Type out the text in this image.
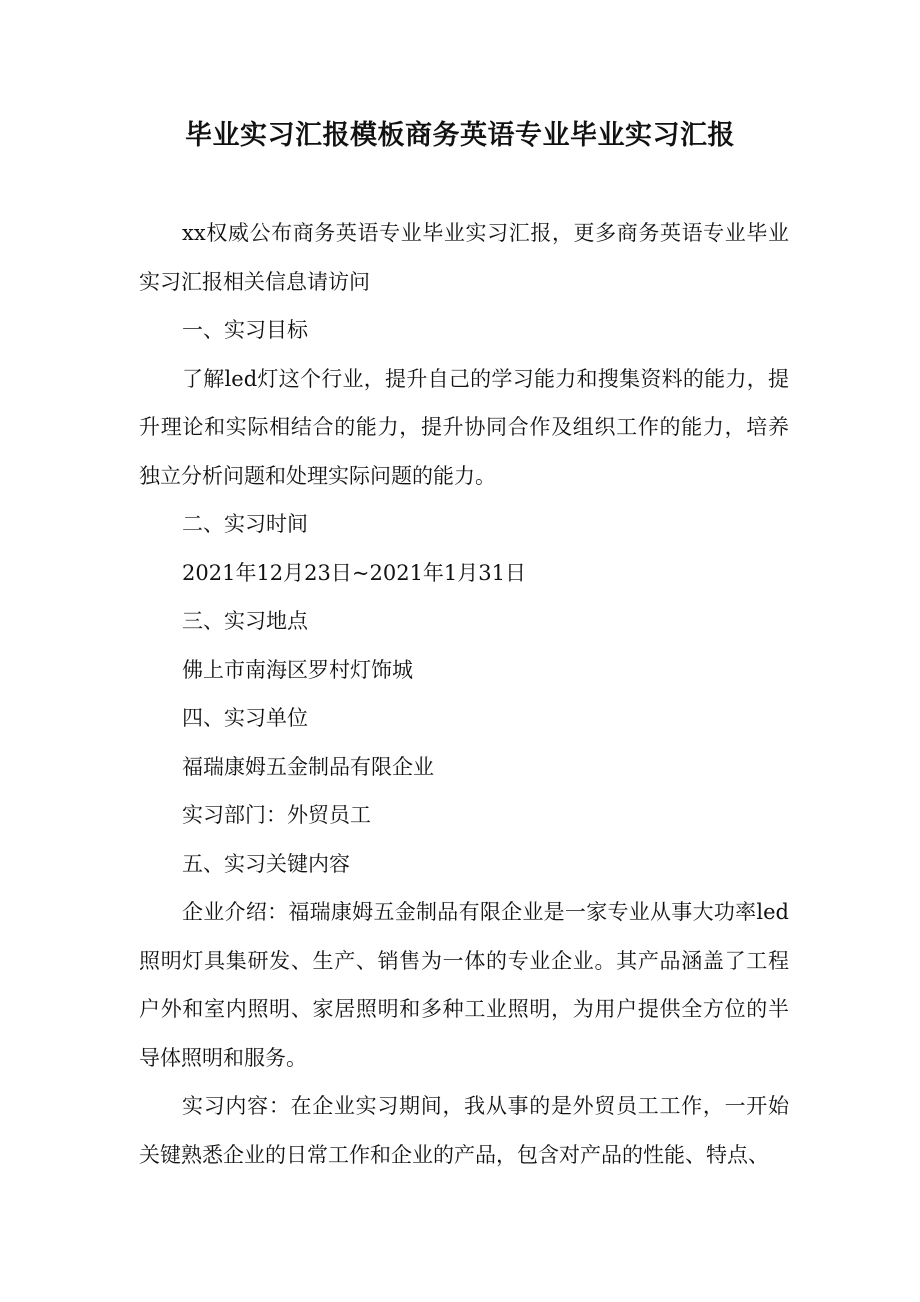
毕业实习汇报模板商务英语专业毕业实习汇报

xx权威公布商务英语专业毕业实习汇报，更多商务英语专业毕业实习汇报相关信息请访问

一、实习目标

了解led灯这个行业，提升自己的学习能力和搜集资料的能力，提升理论和实际相结合的能力，提升协同合作及组织工作的能力，培养独立分析问题和处理实际问题的能力。

二、实习时间

2021年12月23日~2021年1月31日

三、实习地点

佛上市南海区罗村灯饰城

四、实习单位

福瑞康姆五金制品有限企业

实习部门：外贸员工

五、实习关键内容

企业介绍：福瑞康姆五金制品有限企业是一家专业从事大功率led照明灯具集研发、生产、销售为一体的专业企业。其产品涵盖了工程户外和室内照明、家居照明和多种工业照明，为用户提供全方位的半导体照明和服务。

实习内容：在企业实习期间，我从事的是外贸员工工作，一开始关键熟悉企业的日常工作和企业的产品，包含对产品的性能、特点、
